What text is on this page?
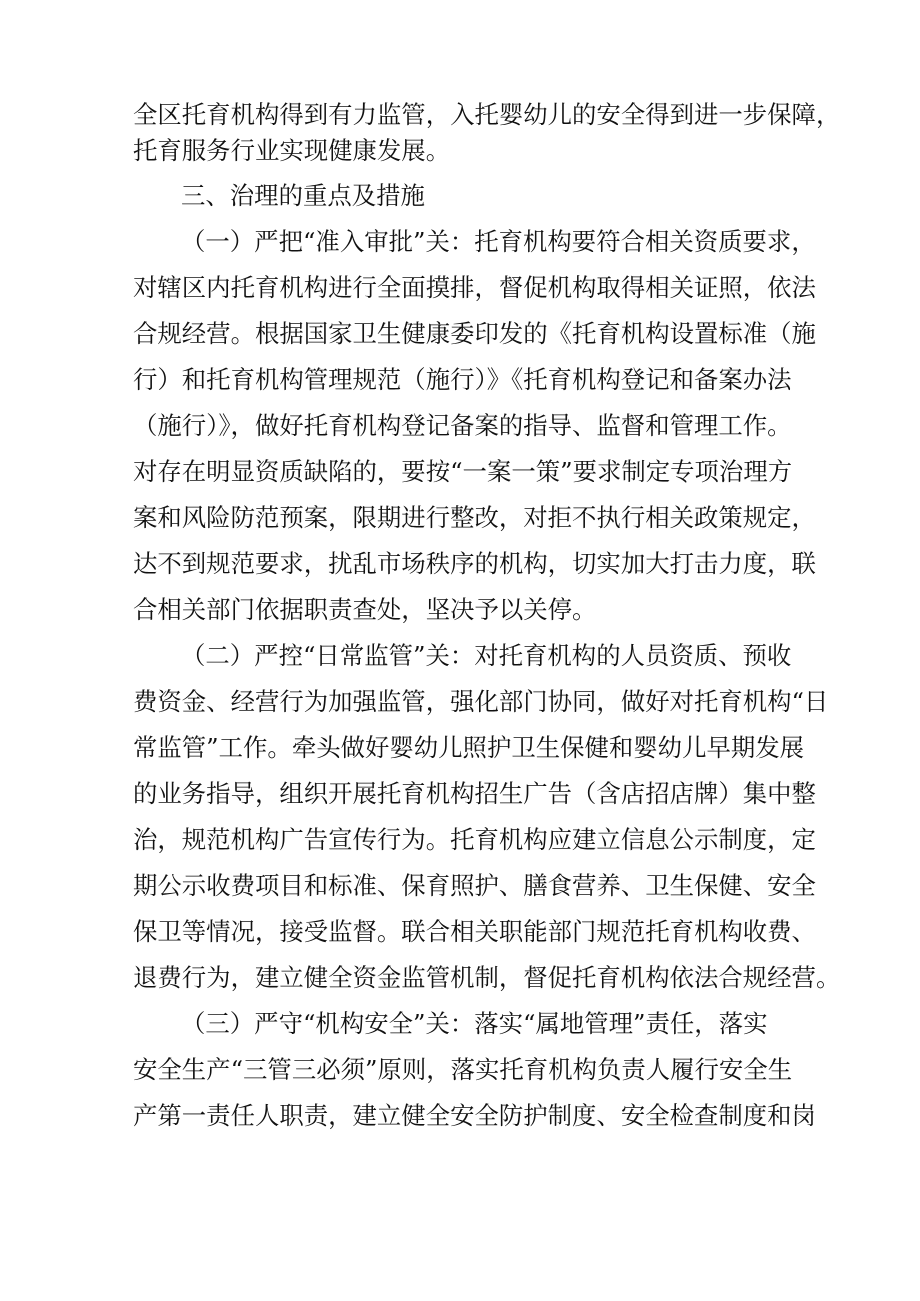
全区托育机构得到有力监管，入托婴幼儿的安全得到进一步保障，
托育服务行业实现健康发展。
三、治理的重点及措施
（一）严把“准入审批”关：托育机构要符合相关资质要求，
对辖区内托育机构进行全面摸排，督促机构取得相关证照，依法
合规经营。根据国家卫生健康委印发的《托育机构设置标准（施
行）和托育机构管理规范（施行）》《托育机构登记和备案办法
（施行）》，做好托育机构登记备案的指导、监督和管理工作。
对存在明显资质缺陷的，要按“一案一策”要求制定专项治理方
案和风险防范预案，限期进行整改，对拒不执行相关政策规定，
达不到规范要求，扰乱市场秩序的机构，切实加大打击力度，联
合相关部门依据职责查处，坚决予以关停。
（二）严控“日常监管”关：对托育机构的人员资质、预收
费资金、经营行为加强监管，强化部门协同，做好对托育机构“日
常监管”工作。牵头做好婴幼儿照护卫生保健和婴幼儿早期发展
的业务指导，组织开展托育机构招生广告（含店招店牌）集中整
治，规范机构广告宣传行为。托育机构应建立信息公示制度，定
期公示收费项目和标准、保育照护、膳食营养、卫生保健、安全
保卫等情况，接受监督。联合相关职能部门规范托育机构收费、
退费行为，建立健全资金监管机制，督促托育机构依法合规经营。
（三）严守“机构安全”关：落实“属地管理”责任，落实
安全生产“三管三必须”原则，落实托育机构负责人履行安全生
产第一责任人职责，建立健全安全防护制度、安全检查制度和岗
